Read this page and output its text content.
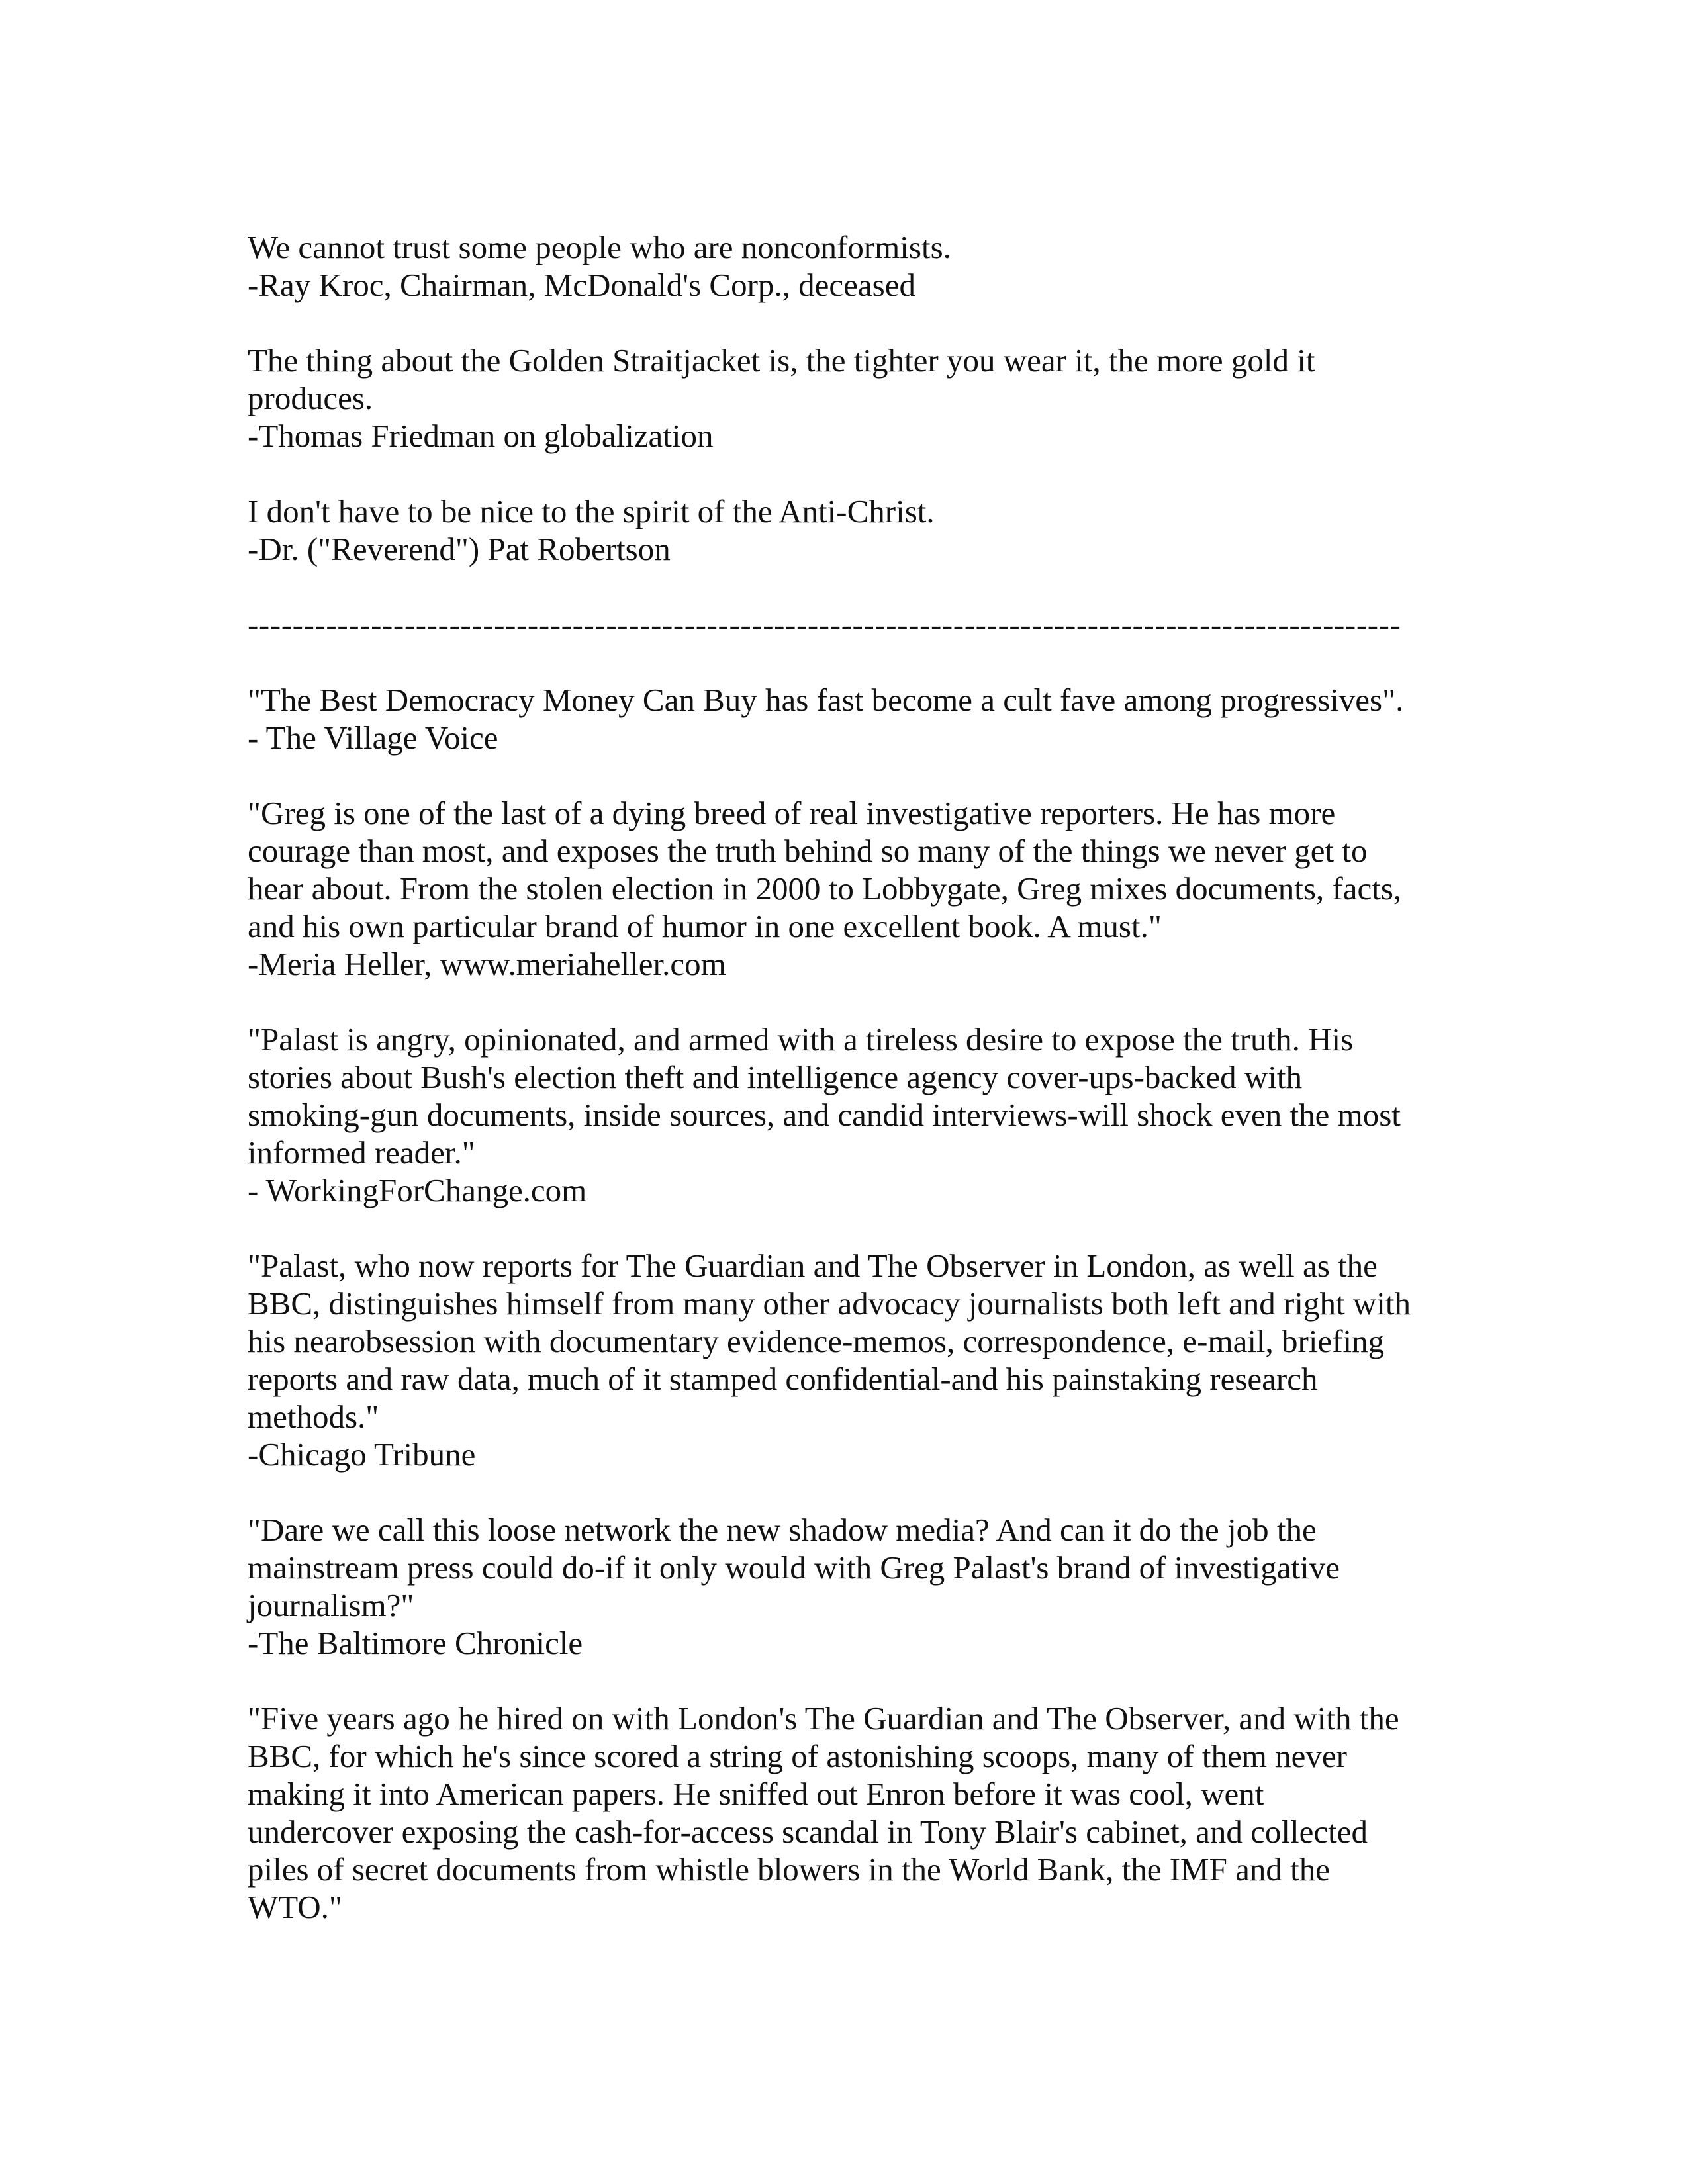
We cannot trust some people who are nonconformists.
-Ray Kroc, Chairman, McDonald's Corp., deceased
The thing about the Golden Straitjacket is, the tighter you wear it, the more gold it
produces.
-Thomas Friedman on globalization
I don't have to be nice to the spirit of the Anti-Christ.
-Dr. ("Reverend") Pat Robertson
-------------------------------------------------------------------------------------------------------
"The Best Democracy Money Can Buy has fast become a cult fave among progressives".
- The Village Voice
"Greg is one of the last of a dying breed of real investigative reporters. He has more
courage than most, and exposes the truth behind so many of the things we never get to
hear about. From the stolen election in 2000 to Lobbygate, Greg mixes documents, facts,
and his own particular brand of humor in one excellent book. A must."
-Meria Heller, www.meriaheller.com
"Palast is angry, opinionated, and armed with a tireless desire to expose the truth. His
stories about Bush's election theft and intelligence agency cover-ups-backed with
smoking-gun documents, inside sources, and candid interviews-will shock even the most
informed reader."
- WorkingForChange.com
"Palast, who now reports for The Guardian and The Observer in London, as well as the
BBC, distinguishes himself from many other advocacy journalists both left and right with
his nearobsession with documentary evidence-memos, correspondence, e-mail, briefing
reports and raw data, much of it stamped confidential-and his painstaking research
methods."
-Chicago Tribune
"Dare we call this loose network the new shadow media? And can it do the job the
mainstream press could do-if it only would with Greg Palast's brand of investigative
journalism?"
-The Baltimore Chronicle
"Five years ago he hired on with London's The Guardian and The Observer, and with the
BBC, for which he's since scored a string of astonishing scoops, many of them never
making it into American papers. He sniffed out Enron before it was cool, went
undercover exposing the cash-for-access scandal in Tony Blair's cabinet, and collected
piles of secret documents from whistle blowers in the World Bank, the IMF and the
WTO."
